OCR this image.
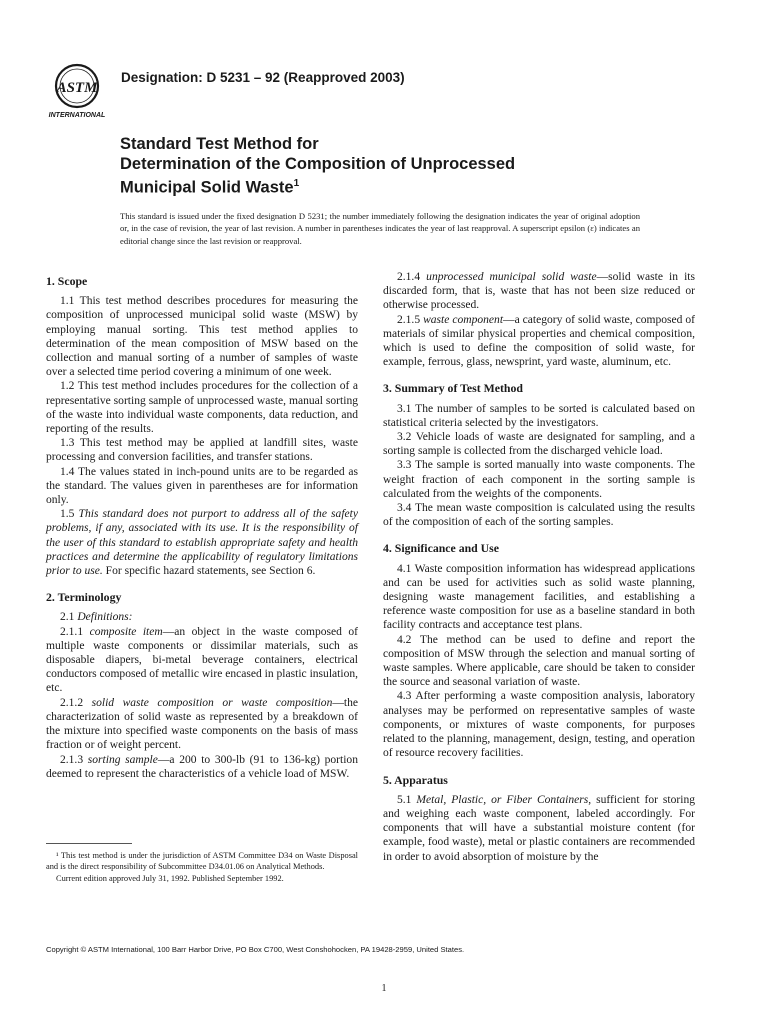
ASTM
INTERNATIONAL
Designation: D 5231 – 92 (Reapproved 2003)
Standard Test Method for
Determination of the Composition of Unprocessed
Municipal Solid Waste$^1$
This standard is issued under the fixed designation D 5231; the number immediately following the designation indicates the year of original adoption or, in the case of revision, the year of last revision. A number in parentheses indicates the year of last reapproval. A superscript epsilon (ε) indicates an editorial change since the last revision or reapproval.
1. Scope

1.1 This test method describes procedures for measuring the composition of unprocessed municipal solid waste (MSW) by employing manual sorting. This test method applies to determination of the mean composition of MSW based on the collection and manual sorting of a number of samples of waste over a selected time period covering a minimum of one week.

1.2 This test method includes procedures for the collection of a representative sorting sample of unprocessed waste, manual sorting of the waste into individual waste components, data reduction, and reporting of the results.

1.3 This test method may be applied at landfill sites, waste processing and conversion facilities, and transfer stations.

1.4 The values stated in inch-pound units are to be regarded as the standard. The values given in parentheses are for information only.

1.5 This standard does not purport to address all of the safety problems, if any, associated with its use. It is the responsibility of the user of this standard to establish appropriate safety and health practices and determine the applicability of regulatory limitations prior to use. For specific hazard statements, see Section 6.

2. Terminology

2.1 Definitions:

2.1.1 composite item—an object in the waste composed of multiple waste components or dissimilar materials, such as disposable diapers, bi-metal beverage containers, electrical conductors composed of metallic wire encased in plastic insulation, etc.

2.1.2 solid waste composition or waste composition—the characterization of solid waste as represented by a breakdown of the mixture into specified waste components on the basis of mass fraction or of weight percent.

2.1.3 sorting sample—a 200 to 300-lb (91 to 136-kg) portion deemed to represent the characteristics of a vehicle load of MSW.

2.1.4 unprocessed municipal solid waste—solid waste in its discarded form, that is, waste that has not been size reduced or otherwise processed.

2.1.5 waste component—a category of solid waste, composed of materials of similar physical properties and chemical composition, which is used to define the composition of solid waste, for example, ferrous, glass, newsprint, yard waste, aluminum, etc.

3. Summary of Test Method

3.1 The number of samples to be sorted is calculated based on statistical criteria selected by the investigators.

3.2 Vehicle loads of waste are designated for sampling, and a sorting sample is collected from the discharged vehicle load.

3.3 The sample is sorted manually into waste components. The weight fraction of each component in the sorting sample is calculated from the weights of the components.

3.4 The mean waste composition is calculated using the results of the composition of each of the sorting samples.

4. Significance and Use

4.1 Waste composition information has widespread applications and can be used for activities such as solid waste planning, designing waste management facilities, and establishing a reference waste composition for use as a baseline standard in both facility contracts and acceptance test plans.

4.2 The method can be used to define and report the composition of MSW through the selection and manual sorting of waste samples. Where applicable, care should be taken to consider the source and seasonal variation of waste.

4.3 After performing a waste composition analysis, laboratory analyses may be performed on representative samples of waste components, or mixtures of waste components, for purposes related to the planning, management, design, testing, and operation of resource recovery facilities.

5. Apparatus

5.1 Metal, Plastic, or Fiber Containers, sufficient for storing and weighing each waste component, labeled accordingly. For components that will have a substantial moisture content (for example, food waste), metal or plastic containers are recommended in order to avoid absorption of moisture by the

¹ This test method is under the jurisdiction of ASTM Committee D34 on Waste Disposal and is the direct responsibility of Subcommittee D34.01.06 on Analytical Methods.

Current edition approved July 31, 1992. Published September 1992.

Copyright © ASTM International, 100 Barr Harbor Drive, PO Box C700, West Conshohocken, PA 19428-2959, United States.
1
